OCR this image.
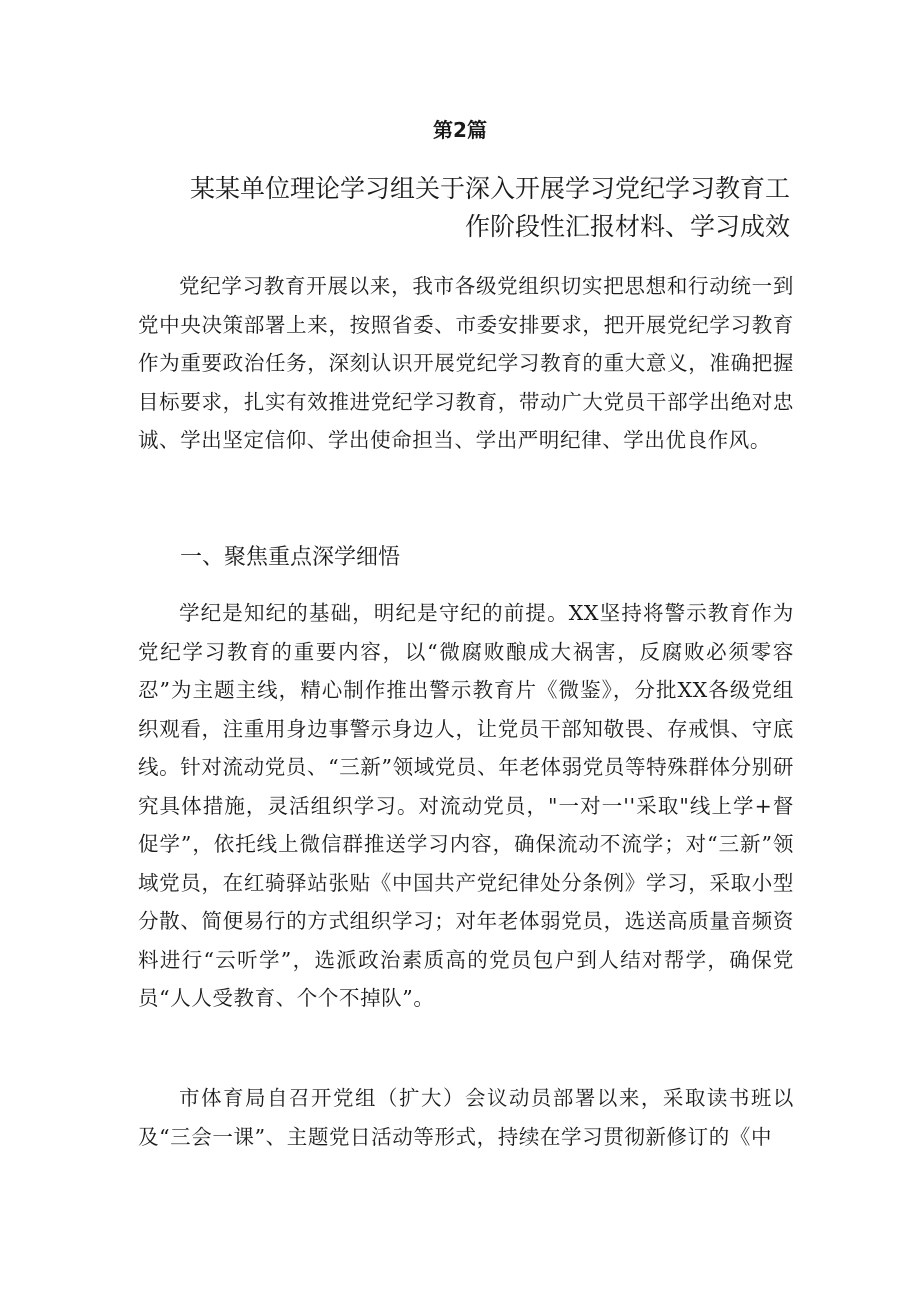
第2篇
某某单位理论学习组关于深入开展学习党纪学习教育工
作阶段性汇报材料、学习成效
党纪学习教育开展以来，我市各级党组织切实把思想和行动统一到党中央决策部署上来，按照省委、市委安排要求，把开展党纪学习教育作为重要政治任务，深刻认识开展党纪学习教育的重大意义，准确把握目标要求，扎实有效推进党纪学习教育，带动广大党员干部学出绝对忠诚、学出坚定信仰、学出使命担当、学出严明纪律、学出优良作风。
一、聚焦重点深学细悟
学纪是知纪的基础，明纪是守纪的前提。XX坚持将警示教育作为党纪学习教育的重要内容，以“微腐败酿成大祸害，反腐败必须零容忍”为主题主线，精心制作推出警示教育片《微鉴》，分批XX各级党组织观看，注重用身边事警示身边人，让党员干部知敬畏、存戒惧、守底线。针对流动党员、“三新”领域党员、年老体弱党员等特殊群体分别研究具体措施，灵活组织学习。对流动党员，"一对一''采取"线上学+督促学”，依托线上微信群推送学习内容，确保流动不流学；对“三新”领域党员，在红骑驿站张贴《中国共产党纪律处分条例》学习，采取小型分散、简便易行的方式组织学习；对年老体弱党员，选送高质量音频资料进行“云听学”，选派政治素质高的党员包户到人结对帮学，确保党员“人人受教育、个个不掉队”。
市体育局自召开党组（扩大）会议动员部署以来，采取读书班以及“三会一课”、主题党日活动等形式，持续在学习贯彻新修订的《中
